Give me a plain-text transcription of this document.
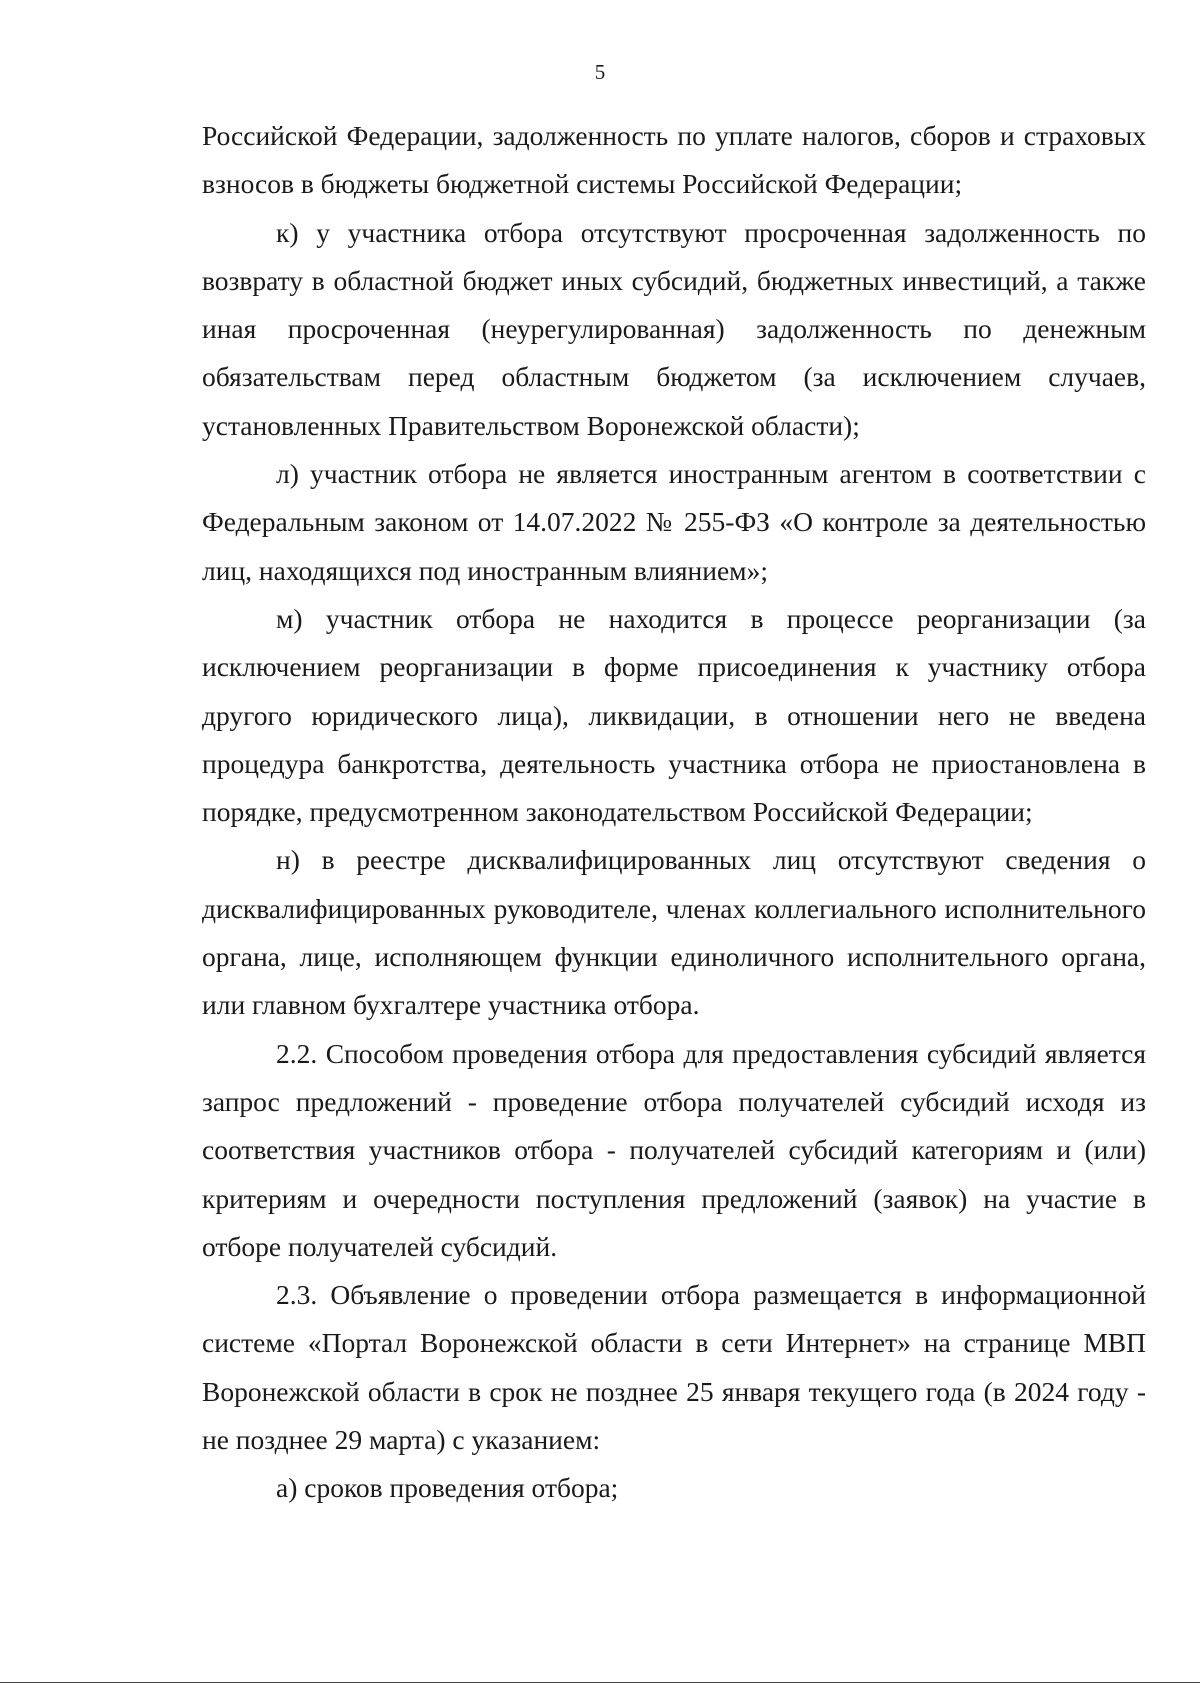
5

Российской Федерации, задолженность по уплате налогов, сборов и страховых взносов в бюджеты бюджетной системы Российской Федерации;

к) у участника отбора отсутствуют просроченная задолженность по возврату в областной бюджет иных субсидий, бюджетных инвестиций, а также иная просроченная (неурегулированная) задолженность по денежным обязательствам перед областным бюджетом (за исключением случаев, установленных Правительством Воронежской области);

л) участник отбора не является иностранным агентом в соответствии с Федеральным законом от 14.07.2022 № 255-ФЗ «О контроле за деятельностью лиц, находящихся под иностранным влиянием»;

м) участник отбора не находится в процессе реорганизации (за исключением реорганизации в форме присоединения к участнику отбора другого юридического лица), ликвидации, в отношении него не введена процедура банкротства, деятельность участника отбора не приостановлена в порядке, предусмотренном законодательством Российской Федерации;

н) в реестре дисквалифицированных лиц отсутствуют сведения о дисквалифицированных руководителе, членах коллегиального исполнительного органа, лице, исполняющем функции единоличного исполнительного органа, или главном бухгалтере участника отбора.

2.2. Способом проведения отбора для предоставления субсидий является запрос предложений - проведение отбора получателей субсидий исходя из соответствия участников отбора - получателей субсидий категориям и (или) критериям и очередности поступления предложений (заявок) на участие в отборе получателей субсидий.

2.3. Объявление о проведении отбора размещается в информационной системе «Портал Воронежской области в сети Интернет» на странице МВП Воронежской области в срок не позднее 25 января текущего года (в 2024 году - не позднее 29 марта) с указанием:

а) сроков проведения отбора;
